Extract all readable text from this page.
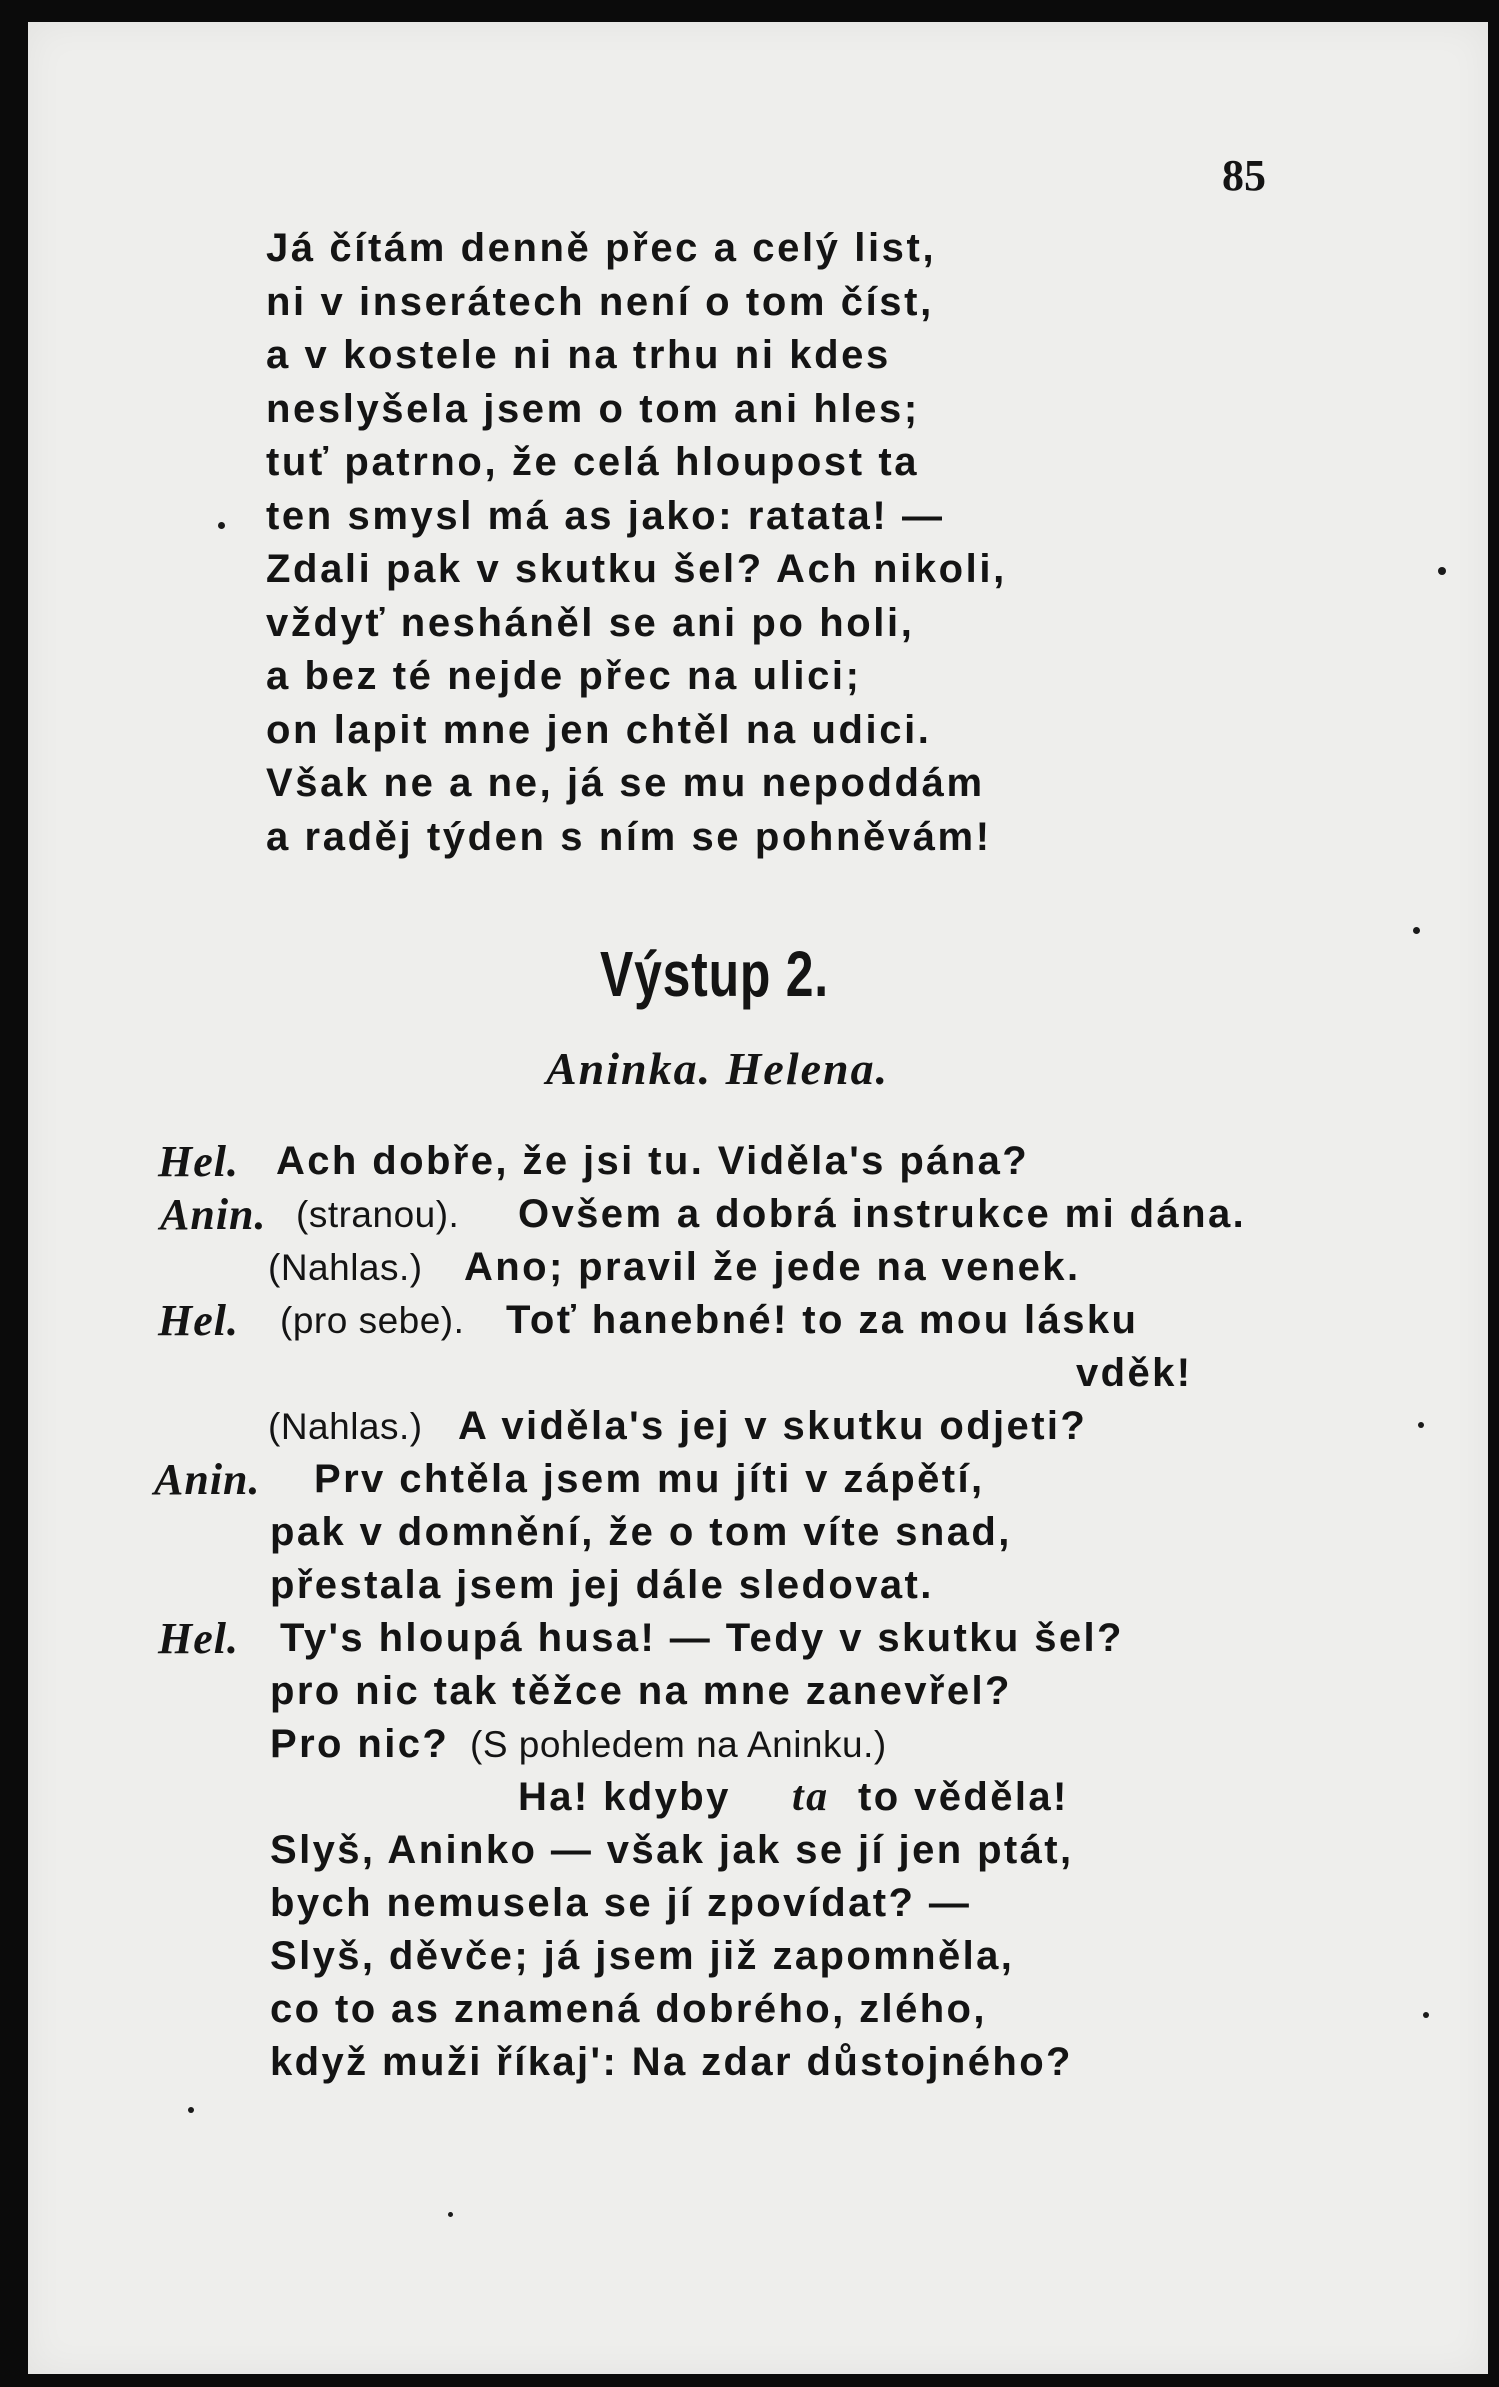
85
Já čítám denně přec a celý list,
ni v inserátech není o tom číst,
a v kostele ni na trhu ni kdes
neslyšela jsem o tom ani hles;
tuť patrno, že celá hloupost ta
ten smysl má as jako: ratata! —
Zdali pak v skutku šel? Ach nikoli,
vždyť nesháněl se ani po holi,
a bez té nejde přec na ulici;
on lapit mne jen chtěl na udici.
Však ne a ne, já se mu nepoddám
a raděj týden s ním se pohněvám!
Výstup 2.
Aninka. Helena.
Hel. Ach dobře, že jsi tu. Viděla's pána?
Anin. (stranou). Ovšem a dobrá instrukce mi dána.
(Nahlas.) Ano; pravil že jede na venek.
Hel. (pro sebe). Toť hanebné! to za mou lásku
vděk!
(Nahlas.) A viděla's jej v skutku odjeti?
Anin. Prv chtěla jsem mu jíti v zápětí,
pak v domnění, že o tom víte snad,
přestala jsem jej dále sledovat.
Hel. Ty's hloupá husa! — Tedy v skutku šel?
pro nic tak těžce na mne zanevřel?
Pro nic? (S pohledem na Aninku.)
Ha! kdyby ta to věděla!
Slyš, Aninko — však jak se jí jen ptát,
bych nemusela se jí zpovídat? —
Slyš, děvče; já jsem již zapomněla,
co to as znamená dobrého, zlého,
když muži říkaj': Na zdar důstojného?
